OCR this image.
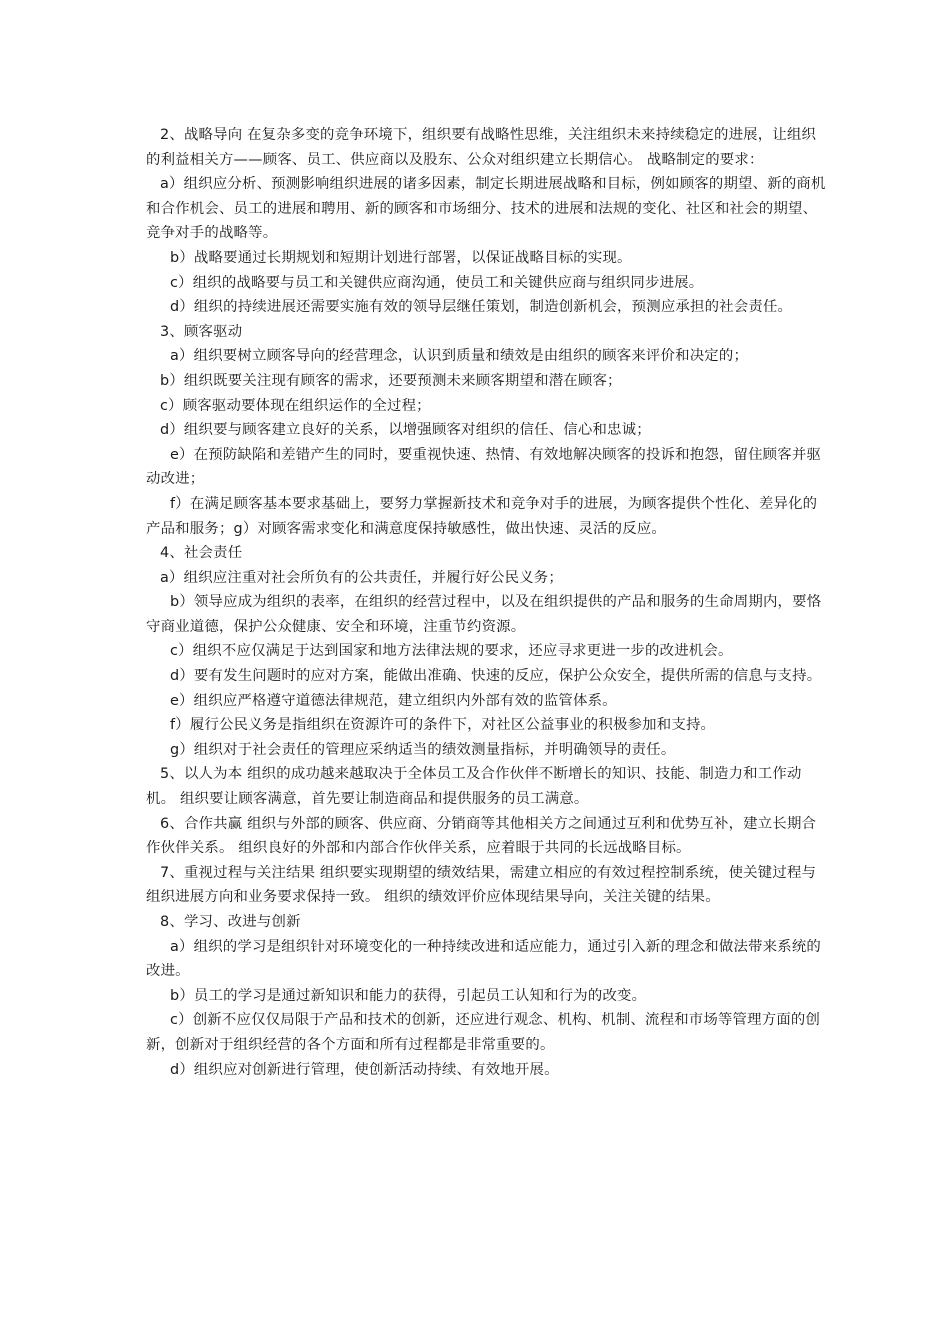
2、战略导向 在复杂多变的竞争环境下，组织要有战略性思维，关注组织未来持续稳定的进展，让组织的利益相关方——顾客、员工、供应商以及股东、公众对组织建立长期信心。 战略制定的要求：

a）组织应分析、预测影响组织进展的诸多因素，制定长期进展战略和目标，例如顾客的期望、新的商机和合作机会、员工的进展和聘用、新的顾客和市场细分、技术的进展和法规的变化、社区和社会的期望、竞争对手的战略等。

b）战略要通过长期规划和短期计划进行部署，以保证战略目标的实现。

c）组织的战略要与员工和关键供应商沟通，使员工和关键供应商与组织同步进展。

d）组织的持续进展还需要实施有效的领导层继任策划，制造创新机会，预测应承担的社会责任。

3、顾客驱动

a）组织要树立顾客导向的经营理念，认识到质量和绩效是由组织的顾客来评价和决定的；

b）组织既要关注现有顾客的需求，还要预测未来顾客期望和潜在顾客；

c）顾客驱动要体现在组织运作的全过程；

d）组织要与顾客建立良好的关系，以增强顾客对组织的信任、信心和忠诚；

e）在预防缺陷和差错产生的同时，要重视快速、热情、有效地解决顾客的投诉和抱怨，留住顾客并驱动改进；

f）在满足顾客基本要求基础上，要努力掌握新技术和竞争对手的进展，为顾客提供个性化、差异化的产品和服务；g）对顾客需求变化和满意度保持敏感性，做出快速、灵活的反应。

4、社会责任

a）组织应注重对社会所负有的公共责任，并履行好公民义务；

b）领导应成为组织的表率，在组织的经营过程中，以及在组织提供的产品和服务的生命周期内，要恪守商业道德，保护公众健康、安全和环境，注重节约资源。

c）组织不应仅满足于达到国家和地方法律法规的要求，还应寻求更进一步的改进机会。

d）要有发生问题时的应对方案，能做出准确、快速的反应，保护公众安全，提供所需的信息与支持。

e）组织应严格遵守道德法律规范，建立组织内外部有效的监管体系。

f）履行公民义务是指组织在资源许可的条件下，对社区公益事业的积极参加和支持。

g）组织对于社会责任的管理应采纳适当的绩效测量指标，并明确领导的责任。

5、以人为本 组织的成功越来越取决于全体员工及合作伙伴不断增长的知识、技能、制造力和工作动机。 组织要让顾客满意，首先要让制造商品和提供服务的员工满意。

6、合作共赢 组织与外部的顾客、供应商、分销商等其他相关方之间通过互利和优势互补，建立长期合作伙伴关系。 组织良好的外部和内部合作伙伴关系，应着眼于共同的长远战略目标。

7、重视过程与关注结果 组织要实现期望的绩效结果，需建立相应的有效过程控制系统，使关键过程与组织进展方向和业务要求保持一致。 组织的绩效评价应体现结果导向，关注关键的结果。

8、学习、改进与创新

a）组织的学习是组织针对环境变化的一种持续改进和适应能力，通过引入新的理念和做法带来系统的改进。

b）员工的学习是通过新知识和能力的获得，引起员工认知和行为的改变。

c）创新不应仅仅局限于产品和技术的创新，还应进行观念、机构、机制、流程和市场等管理方面的创新，创新对于组织经营的各个方面和所有过程都是非常重要的。

d）组织应对创新进行管理，使创新活动持续、有效地开展。
